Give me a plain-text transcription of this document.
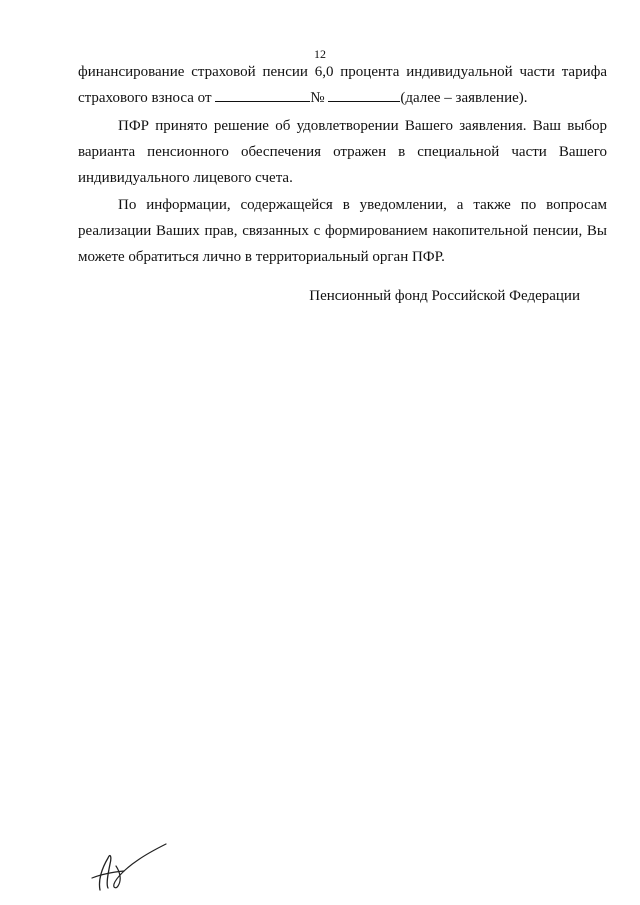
12
финансирование страховой пенсии 6,0 процента индивидуальной части тарифа
страхового взноса от	№	(далее – заявление).
ПФР принято решение об удовлетворении Вашего заявления. Ваш выбор
варианта пенсионного обеспечения отражен в специальной части Вашего
индивидуального лицевого счета.
По информации, содержащейся в уведомлении, а также по вопросам
реализации Ваших прав, связанных с формированием накопительной пенсии, Вы
можете обратиться лично в территориальный орган ПФР.
Пенсионный фонд Российской Федерации
